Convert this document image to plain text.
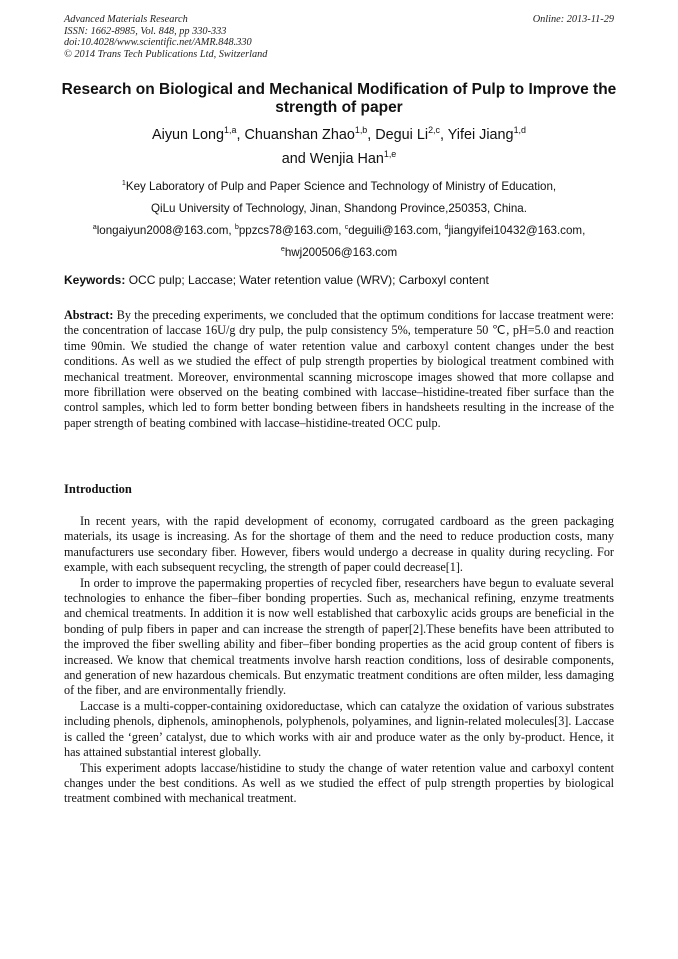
Advanced Materials Research
ISSN: 1662-8985, Vol. 848, pp 330-333
doi:10.4028/www.scientific.net/AMR.848.330
© 2014 Trans Tech Publications Ltd, Switzerland
Online: 2013-11-29
Research on Biological and Mechanical Modification of Pulp to Improve the strength of paper
Aiyun Long$^{1,a}$, Chuanshan Zhao$^{1,b}$, Degui Li$^{2,c}$, Yifei Jiang$^{1,d}$
and Wenjia Han$^{1,e}$
$^1$Key Laboratory of Pulp and Paper Science and Technology of Ministry of Education,
QiLu University of Technology, Jinan, Shandong Province,250353, China.
$^a$longaiyun2008@163.com, $^b$ppzcs78@163.com, $^c$deguili@163.com, $^d$jiangyifei10432@163.com,
$^e$hwj200506@163.com
Keywords: OCC pulp; Laccase; Water retention value (WRV); Carboxyl content
Abstract: By the preceding experiments, we concluded that the optimum conditions for laccase treatment were: the concentration of laccase 16U/g dry pulp, the pulp consistency 5%, temperature 50 ℃, pH=5.0 and reaction time 90min. We studied the change of water retention value and carboxyl content changes under the best conditions. As well as we studied the effect of pulp strength properties by biological treatment combined with mechanical treatment. Moreover, environmental scanning microscope images showed that more collapse and more fibrillation were observed on the beating combined with laccase–histidine-treated fiber surface than the control samples, which led to form better bonding between fibers in handsheets resulting in the increase of the paper strength of beating combined with laccase–histidine-treated OCC pulp.
Introduction

In recent years, with the rapid development of economy, corrugated cardboard as the green packaging materials, its usage is increasing. As for the shortage of them and the need to reduce production costs, many manufacturers use secondary fiber. However, fibers would undergo a decrease in quality during recycling. For example, with each subsequent recycling, the strength of paper could decrease[1].

In order to improve the papermaking properties of recycled fiber, researchers have begun to evaluate several technologies to enhance the fiber–fiber bonding properties. Such as, mechanical refining, enzyme treatments and chemical treatments. In addition it is now well established that carboxylic acids groups are beneficial in the bonding of pulp fibers in paper and can increase the strength of paper[2].These benefits have been attributed to the improved the fiber swelling ability and fiber–fiber bonding properties as the acid group content of fibers is increased. We know that chemical treatments involve harsh reaction conditions, loss of desirable components, and generation of new hazardous chemicals. But enzymatic treatment conditions are often milder, less damaging of the fiber, and are environmentally friendly.

Laccase is a multi-copper-containing oxidoreductase, which can catalyze the oxidation of various substrates including phenols, diphenols, aminophenols, polyphenols, polyamines, and lignin-related molecules[3]. Laccase is called the ‘green’ catalyst, due to which works with air and produce water as the only by-product. Hence, it has attained substantial interest globally.

This experiment adopts laccase/histidine to study the change of water retention value and carboxyl content changes under the best conditions. As well as we studied the effect of pulp strength properties by biological treatment combined with mechanical treatment.
